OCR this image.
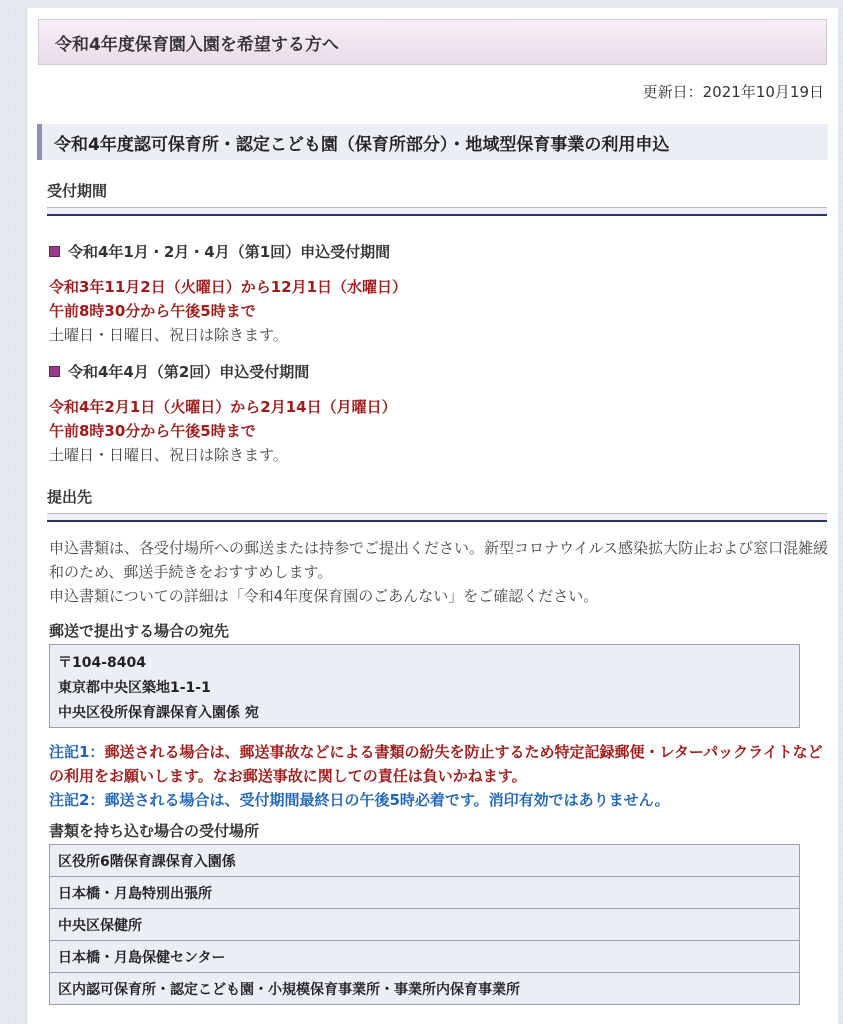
令和4年度保育園入園を希望する方へ
更新日：2021年10月19日
令和4年度認可保育所・認定こども園（保育所部分）・地域型保育事業の利用申込
受付期間
令和4年1月・2月・4月（第1回）申込受付期間
令和3年11月2日（火曜日）から12月1日（水曜日）
午前8時30分から午後5時まで
土曜日・日曜日、祝日は除きます。
令和4年4月（第2回）申込受付期間
令和4年2月1日（火曜日）から2月14日（月曜日）
午前8時30分から午後5時まで
土曜日・日曜日、祝日は除きます。
提出先
申込書類は、各受付場所への郵送または持参でご提出ください。新型コロナウイルス感染拡大防止および窓口混雑緩和のため、郵送手続きをおすすめします。
申込書類についての詳細は「令和4年度保育園のごあんない」をご確認ください。
郵送で提出する場合の宛先
〒104-8404
東京都中央区築地1-1-1
中央区役所保育課保育入園係 宛
注記1：郵送される場合は、郵送事故などによる書類の紛失を防止するため特定記録郵便・レターパックライトなどの利用をお願いします。なお郵送事故に関しての責任は負いかねます。
注記2：郵送される場合は、受付期間最終日の午後5時必着です。消印有効ではありません。
書類を持ち込む場合の受付場所
区役所6階保育課保育入園係
日本橋・月島特別出張所
中央区保健所
日本橋・月島保健センター
区内認可保育所・認定こども園・小規模保育事業所・事業所内保育事業所
